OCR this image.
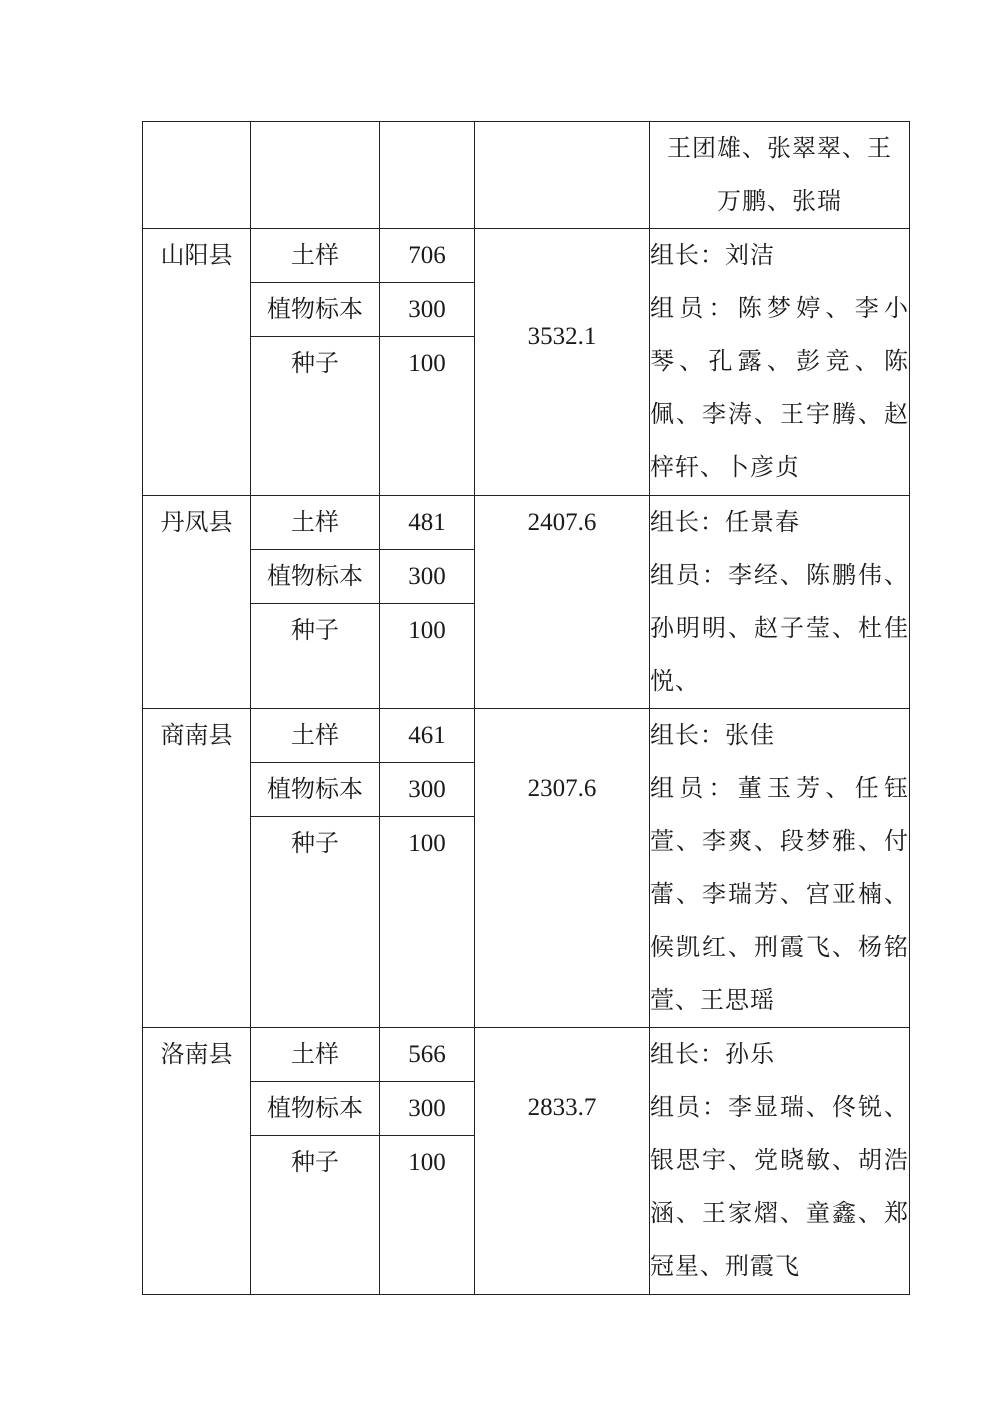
				王团雄、张翠翠、王万鹏、张瑞

山阳县	土样	706	3532.1	组长：刘洁
组员：陈梦婷、李小琴、孔露、彭竞、陈佩、李涛、王宇腾、赵梓轩、卜彦贞

	植物标本	300		
	种子	100		
丹凤县	土样	481	2407.6	组长：任景春
组员：李经、陈鹏伟、孙明明、赵子莹、杜佳悦、

	植物标本	300		
	种子	100		
商南县	土样	461	2307.6	组长：张佳
组员：董玉芳、任钰萱、李爽、段梦雅、付蕾、李瑞芳、宫亚楠、候凯红、刑霞飞、杨铭萱、王思瑶

	植物标本	300		
	种子	100		
洛南县	土样	566	2833.7	组长：孙乐
组员：李显瑞、佟锐、银思宇、党晓敏、胡浩涵、王家熠、童鑫、郑冠星、刑霞飞

	植物标本	300		
	种子	100		
